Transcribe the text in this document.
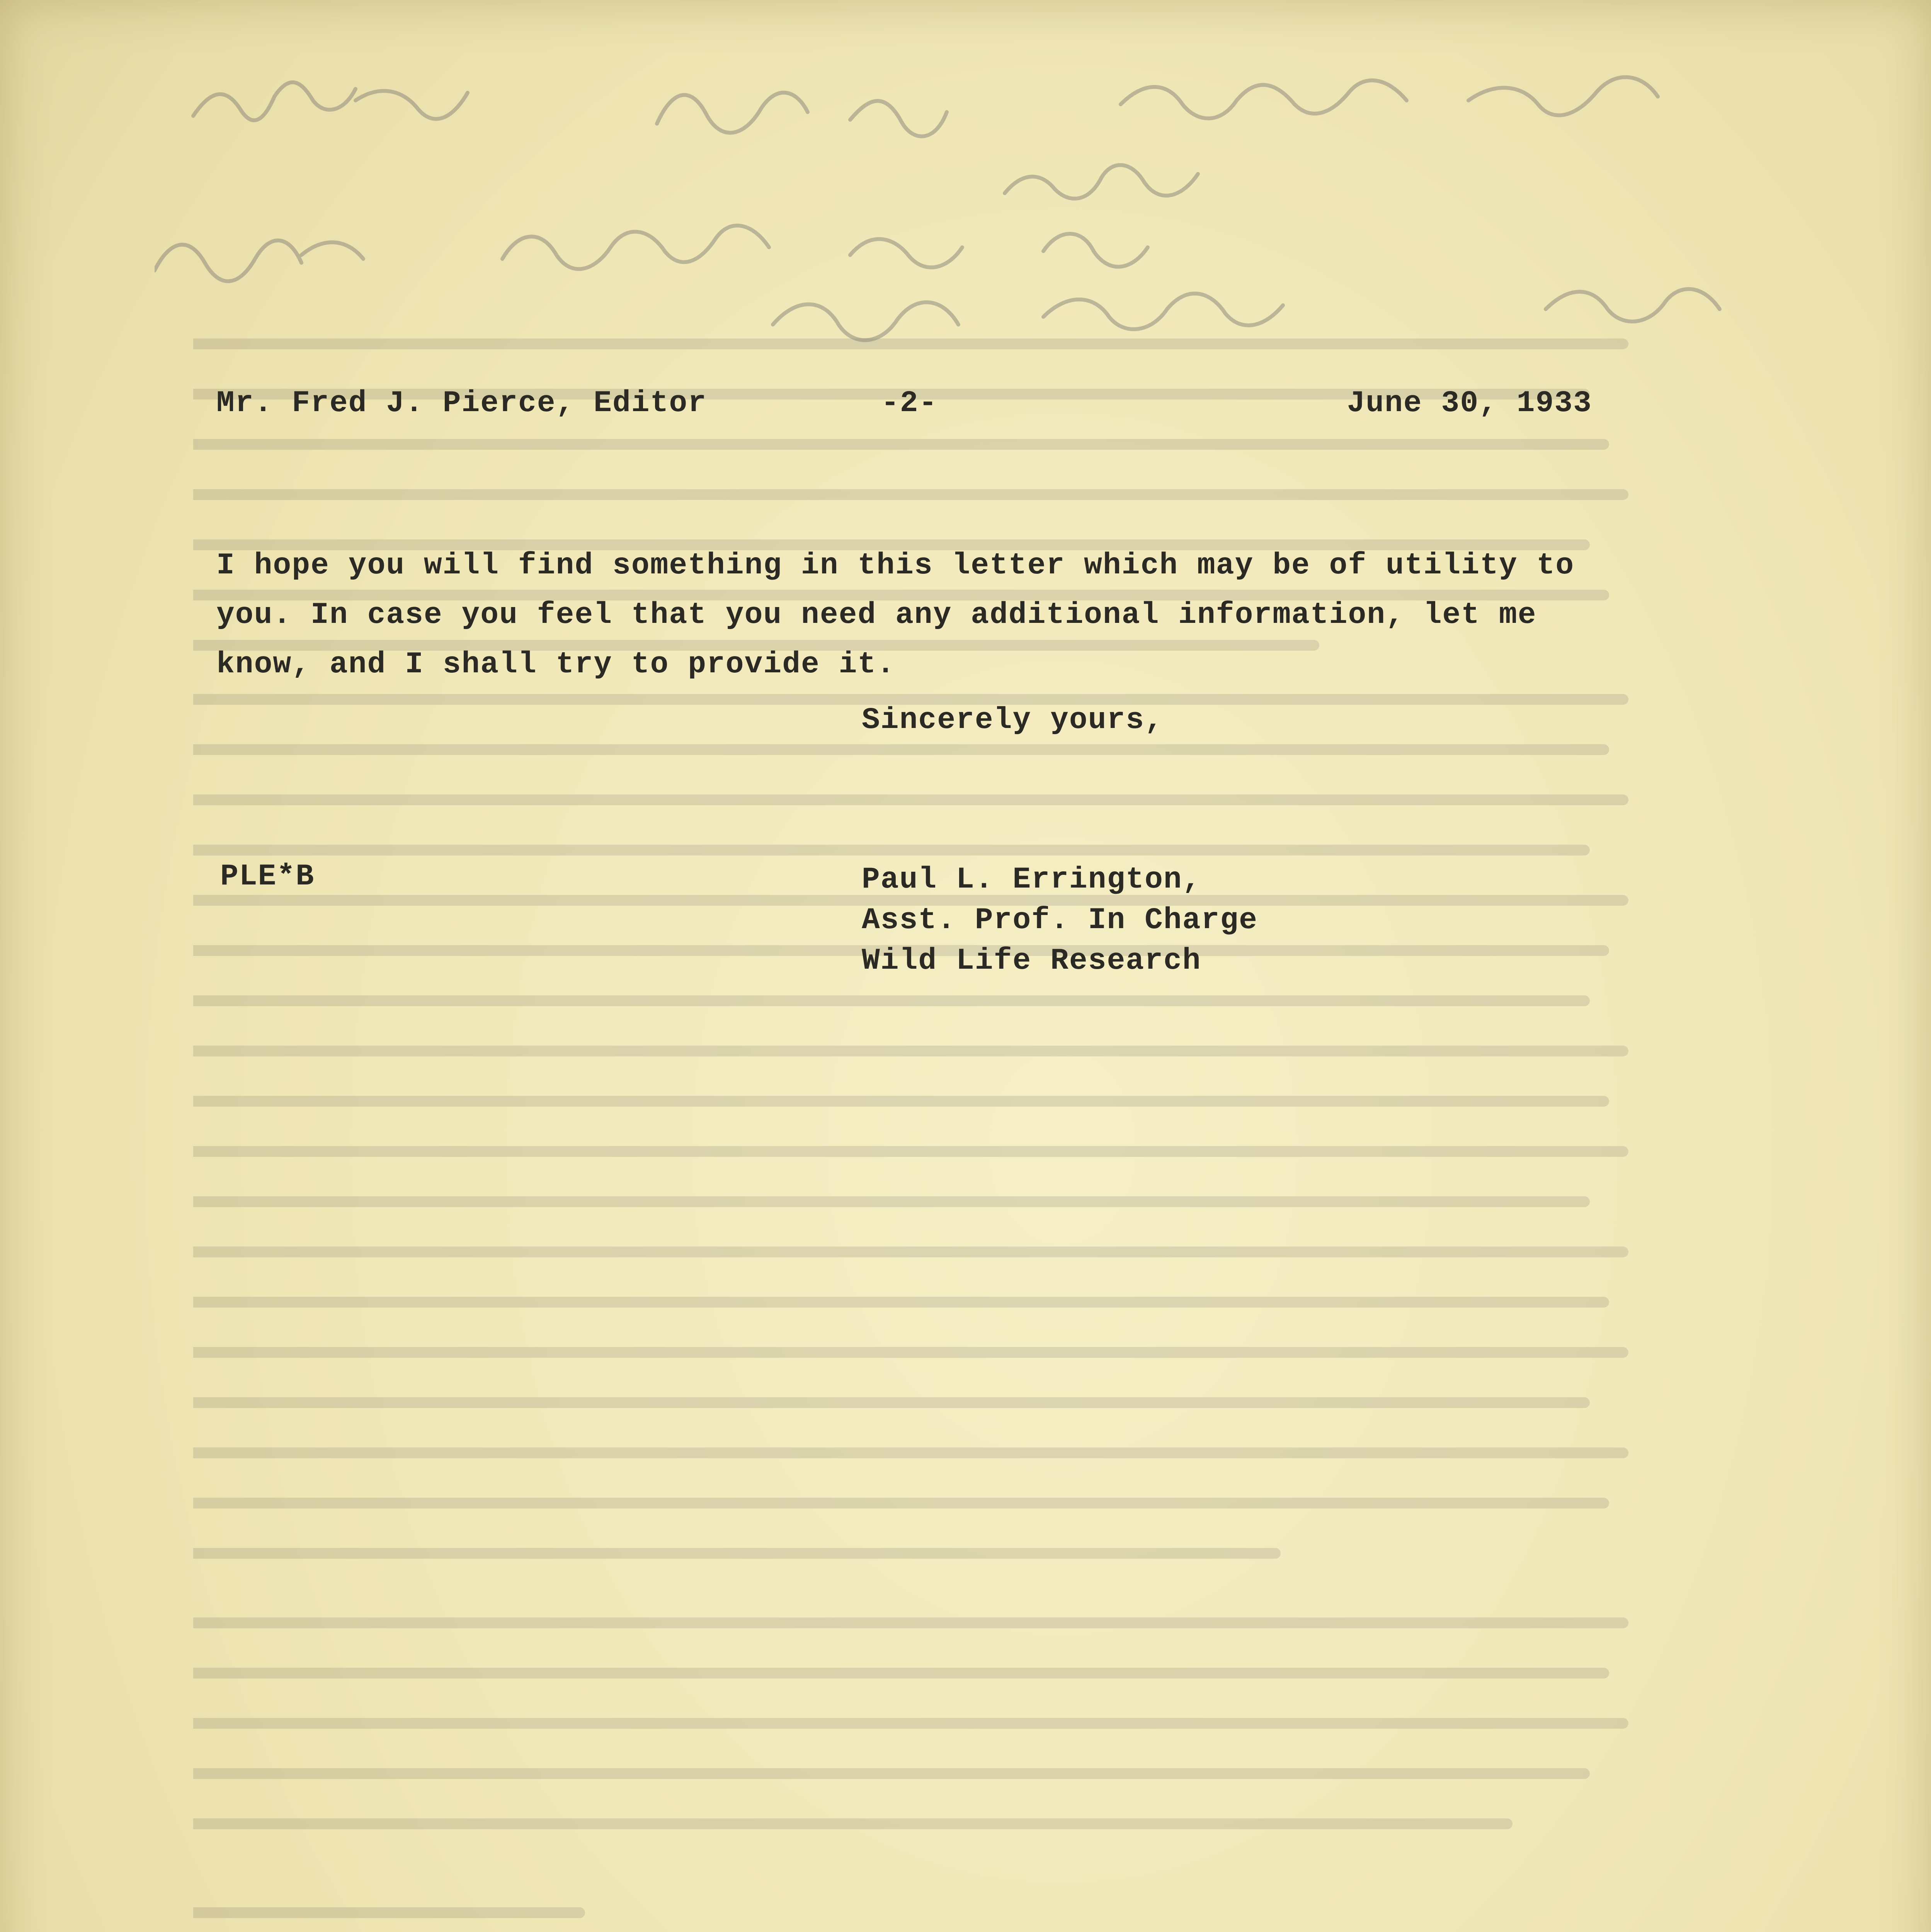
Mr. Fred J. Pierce, Editor	-2-	June 30, 1933
I hope you will find something in this letter which may be of utility to
you. In case you feel that you need any additional information, let me
know, and I shall try to provide it.
Sincerely yours,
PLE*B	Paul L. Errington,
Asst. Prof. In Charge
Wild Life Research
